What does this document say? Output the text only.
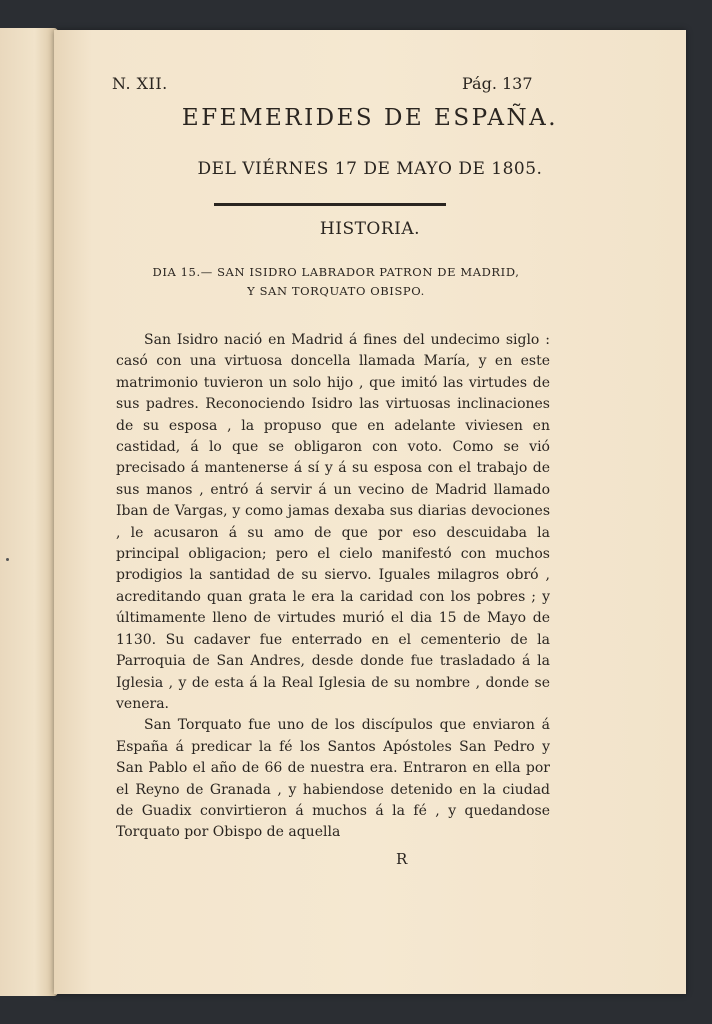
N. XII.	Pág. 137
EFEMERIDES DE ESPAÑA.
DEL VIÉRNES 17 DE MAYO DE 1805.
HISTORIA.
DIA 15.— SAN ISIDRO LABRADOR PATRON DE MADRID,
Y SAN TORQUATO OBISPO.

San Isidro nació en Madrid á fines del undecimo siglo : casó con una virtuosa doncella llamada María, y en este matrimonio tuvieron un solo hijo , que imitó las virtudes de sus padres. Reconociendo Isidro las virtuosas inclinaciones de su esposa , la propuso que en adelante viviesen en castidad, á lo que se obligaron con voto. Como se vió precisado á mantenerse á sí y á su esposa con el trabajo de sus manos , entró á servir á un vecino de Madrid llamado Iban de Vargas, y como jamas dexaba sus diarias devociones , le acusaron á su amo de que por eso descuidaba la principal obligacion; pero el cielo manifestó con muchos prodigios la santidad de su siervo. Iguales milagros obró , acreditando quan grata le era la caridad con los pobres ; y últimamente lleno de virtudes murió el dia 15 de Mayo de 1130. Su cadaver fue enterrado en el cementerio de la Parroquia de San Andres, desde donde fue trasladado á la Iglesia , y de esta á la Real Iglesia de su nombre , donde se venera.

San Torquato fue uno de los discípulos que enviaron á España á predicar la fé los Santos Apóstoles San Pedro y San Pablo el año de 66 de nuestra era. Entraron en ella por el Reyno de Granada , y habiendose detenido en la ciudad de Guadix convirtieron á muchos á la fé , y quedandose Torquato por Obispo de aquella

R
